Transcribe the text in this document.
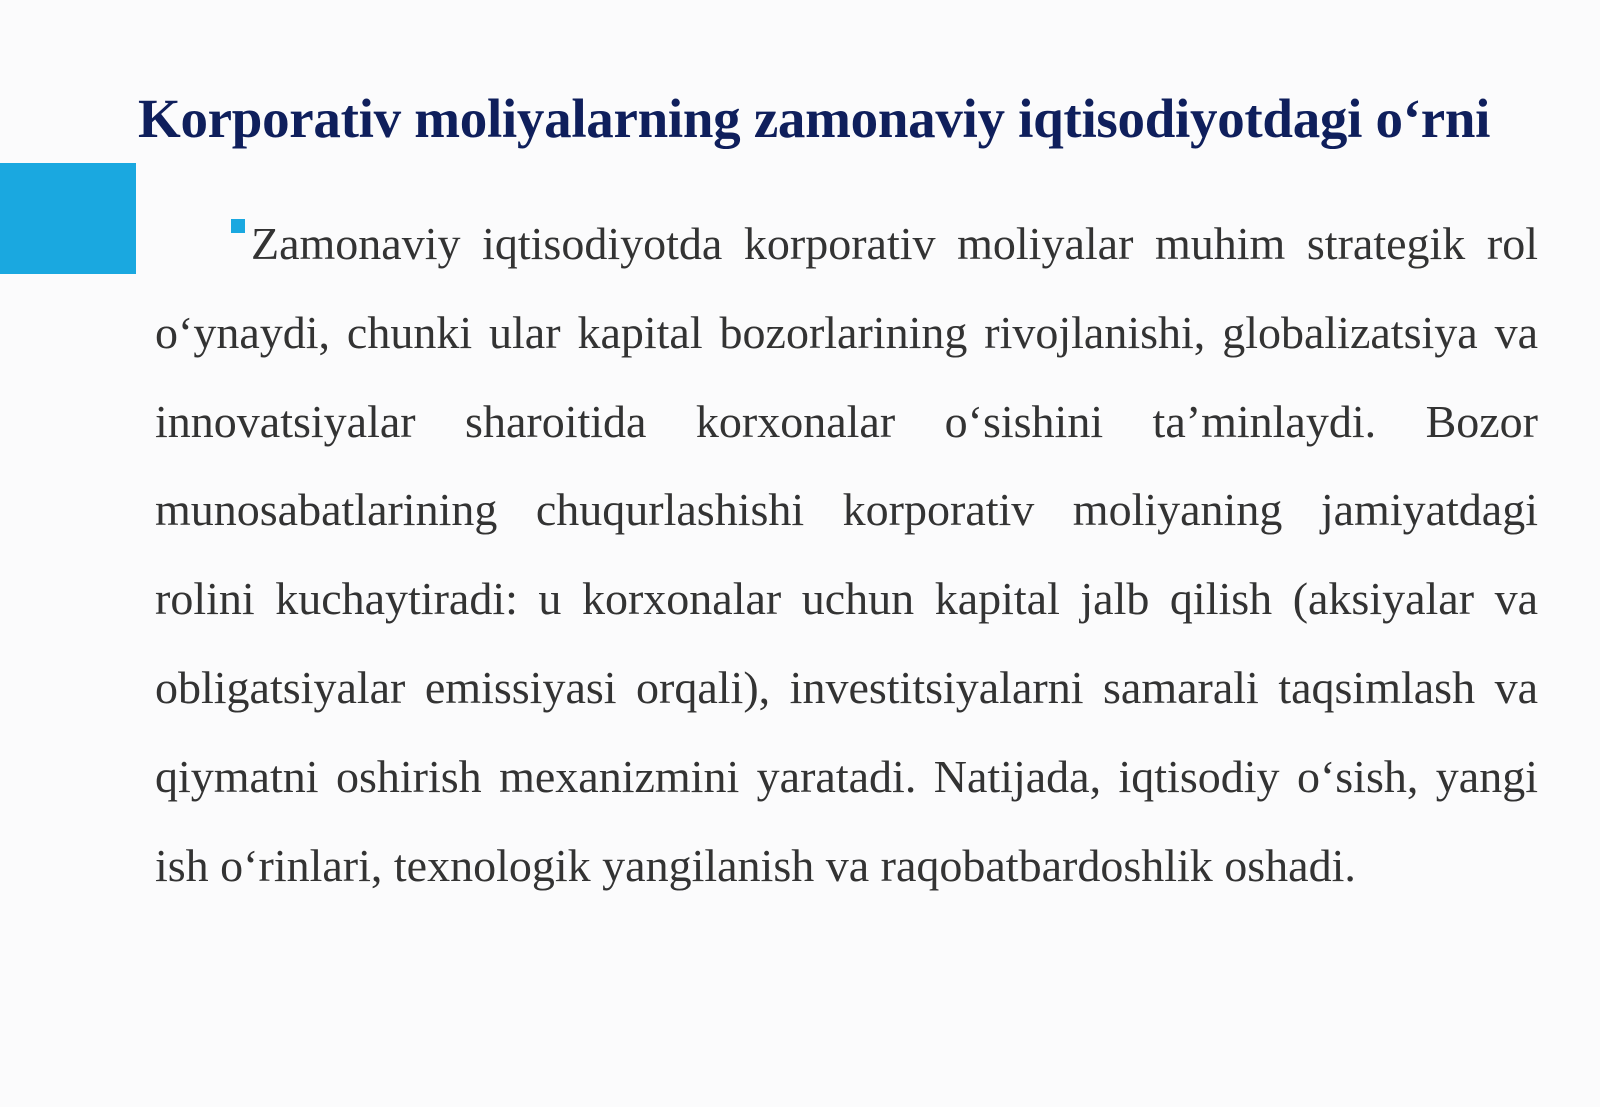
Korporativ moliyalarning zamonaviy iqtisodiyotdagi o‘rni

Zamonaviy iqtisodiyotda korporativ moliyalar muhim strategik rol o‘ynaydi, chunki ular kapital bozorlarining rivojlanishi, globalizatsiya va innovatsiyalar sharoitida korxonalar o‘sishini ta’minlaydi. Bozor munosabatlarining chuqurlashishi korporativ moliyaning jamiyatdagi rolini kuchaytiradi: u korxonalar uchun kapital jalb qilish (aksiyalar va obligatsiyalar emissiyasi orqali), investitsiyalarni samarali taqsimlash va qiymatni oshirish mexanizmini yaratadi. Natijada, iqtisodiy o‘sish, yangi ish o‘rinlari, texnologik yangilanish va raqobatbardoshlik oshadi.
